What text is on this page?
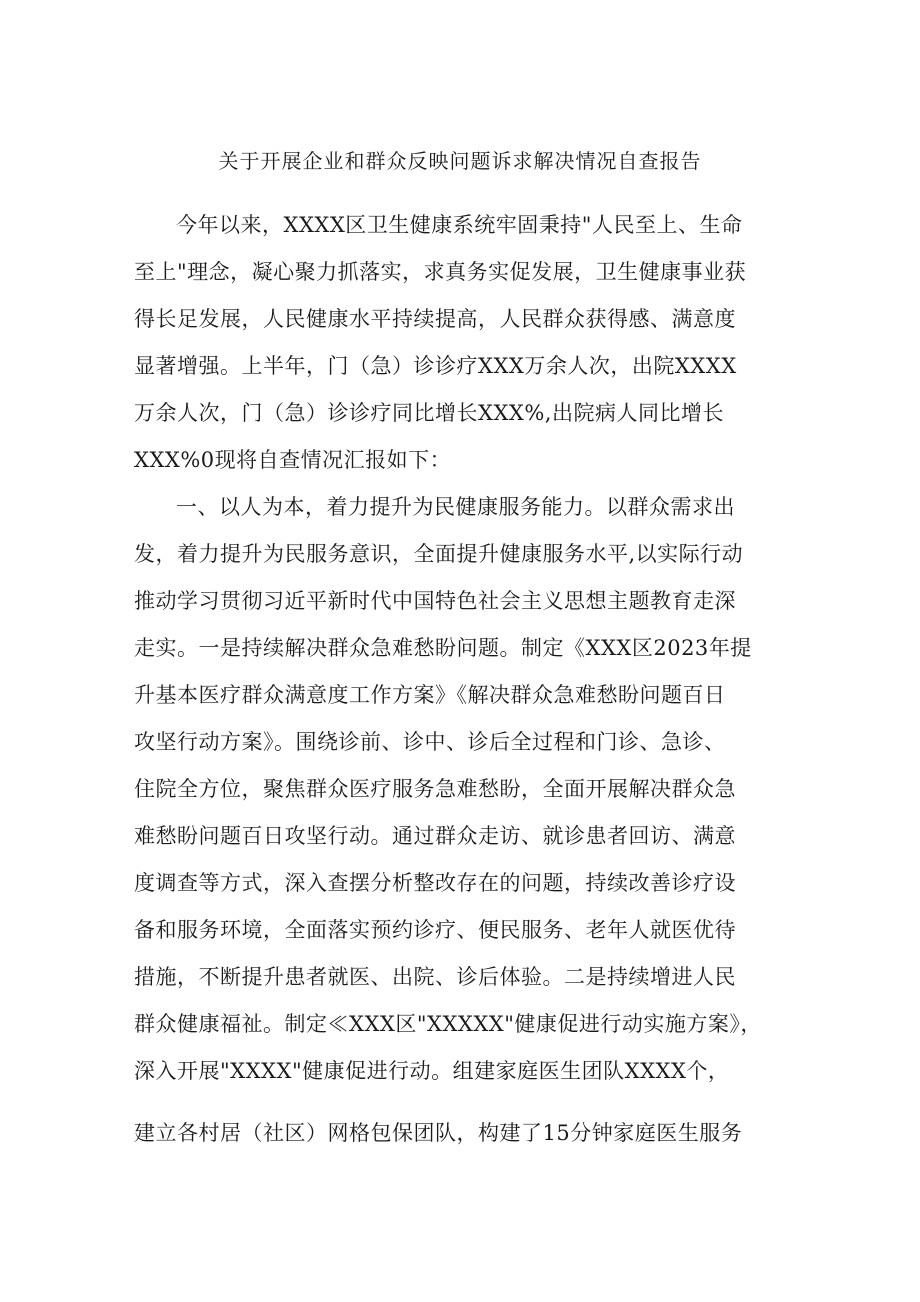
关于开展企业和群众反映问题诉求解决情况自查报告
今年以来，XXXX区卫生健康系统牢固秉持"人民至上、生命
至上"理念，凝心聚力抓落实，求真务实促发展，卫生健康事业获
得长足发展，人民健康水平持续提高，人民群众获得感、满意度
显著增强。上半年，门（急）诊诊疗XXX万余人次，出院XXXX
万余人次，门（急）诊诊疗同比增长XXX%,出院病人同比增长
XXX%0现将自查情况汇报如下：
一、以人为本，着力提升为民健康服务能力。以群众需求出
发，着力提升为民服务意识，全面提升健康服务水平,以实际行动
推动学习贯彻习近平新时代中国特色社会主义思想主题教育走深
走实。一是持续解决群众急难愁盼问题。制定《XXX区2023年提
升基本医疗群众满意度工作方案》《解决群众急难愁盼问题百日
攻坚行动方案》。围绕诊前、诊中、诊后全过程和门诊、急诊、
住院全方位，聚焦群众医疗服务急难愁盼，全面开展解决群众急
难愁盼问题百日攻坚行动。通过群众走访、就诊患者回访、满意
度调查等方式，深入查摆分析整改存在的问题，持续改善诊疗设
备和服务环境，全面落实预约诊疗、便民服务、老年人就医优待
措施，不断提升患者就医、出院、诊后体验。二是持续增进人民
群众健康福祉。制定≪XXX区"XXXXX"健康促进行动实施方案》，
深入开展"XXXX"健康促进行动。组建家庭医生团队XXXX个，
建立各村居（社区）网格包保团队，构建了15分钟家庭医生服务
